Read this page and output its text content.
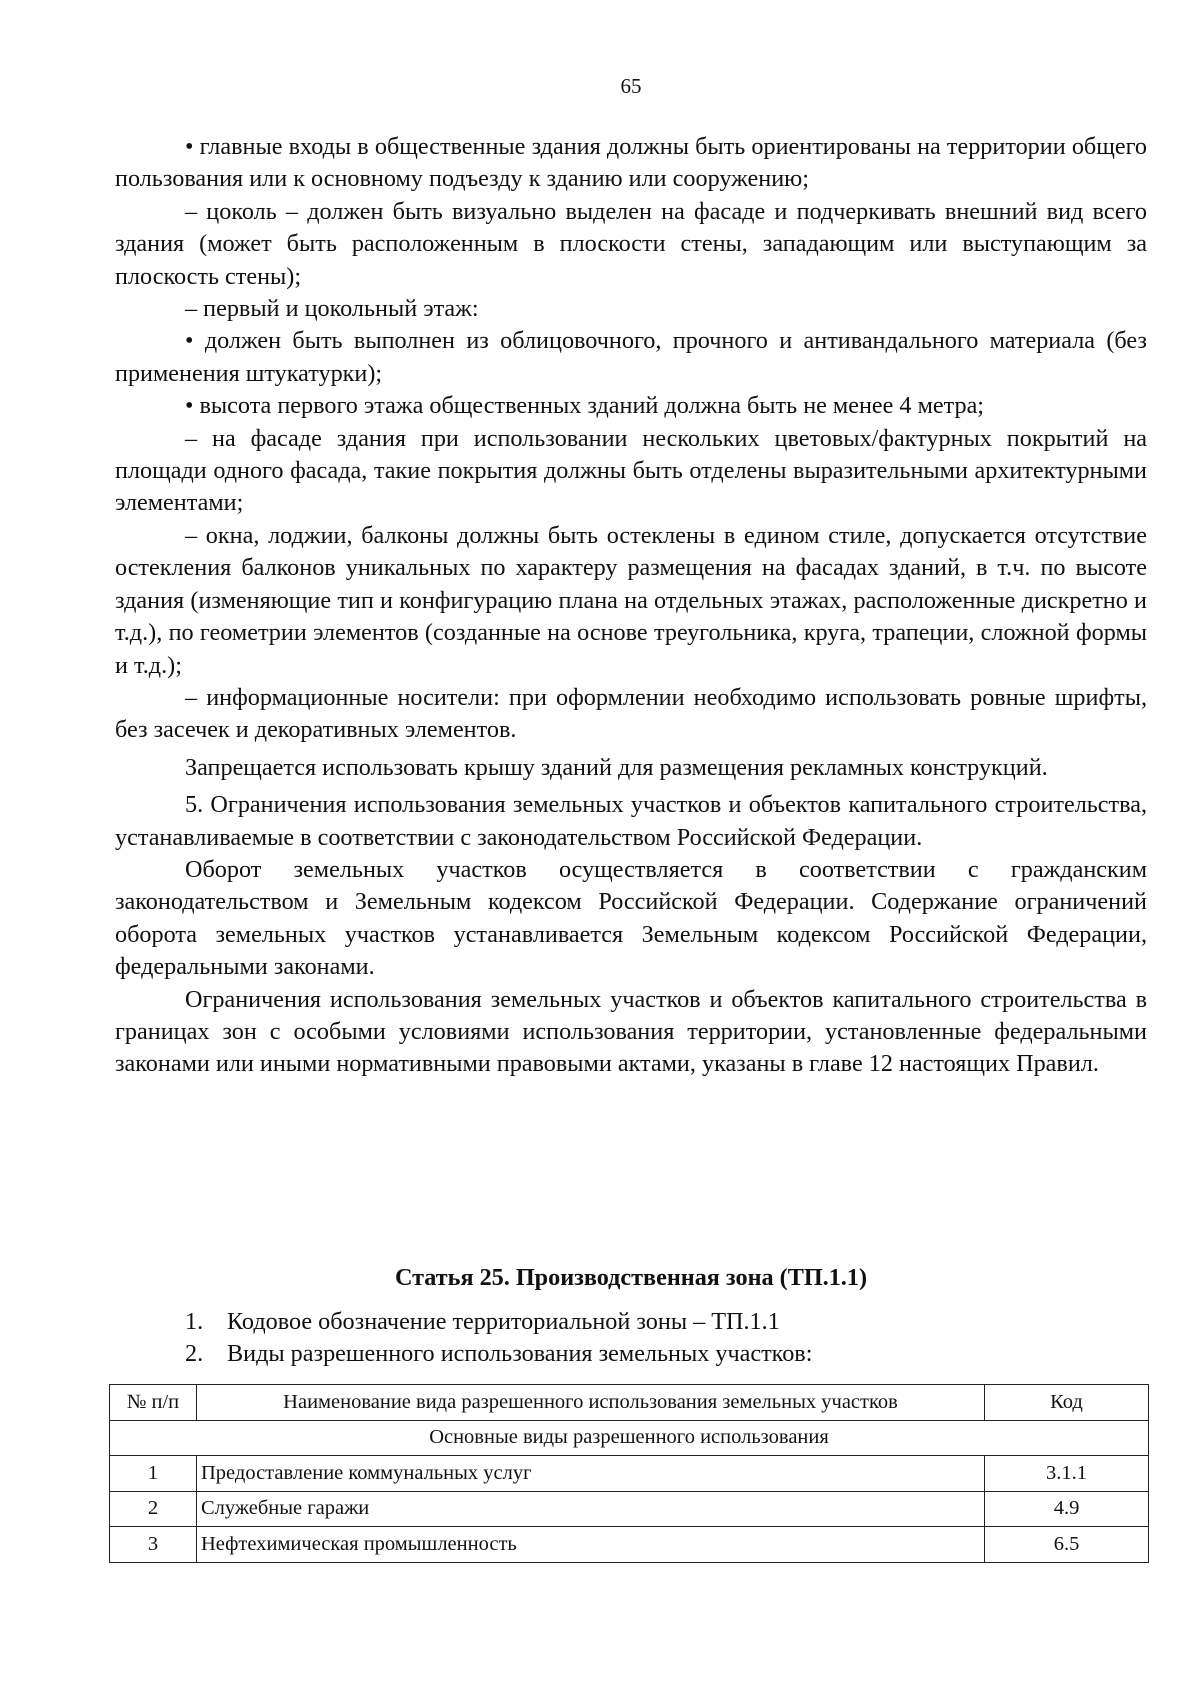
65

• главные входы в общественные здания должны быть ориентированы на территории общего пользования или к основному подъезду к зданию или сооружению;

– цоколь – должен быть визуально выделен на фасаде и подчеркивать внешний вид всего здания (может быть расположенным в плоскости стены, западающим или выступающим за плоскость стены);

– первый и цокольный этаж:

• должен быть выполнен из облицовочного, прочного и антивандального материала (без применения штукатурки);

• высота первого этажа общественных зданий должна быть не менее 4 метра;

– на фасаде здания при использовании нескольких цветовых/фактурных покрытий на площади одного фасада, такие покрытия должны быть отделены выразительными архитектурными элементами;

– окна, лоджии, балконы должны быть остеклены в едином стиле, допускается отсутствие остекления балконов уникальных по характеру размещения на фасадах зданий, в т.ч. по высоте здания (изменяющие тип и конфигурацию плана на отдельных этажах, расположенные дискретно и т.д.), по геометрии элементов (созданные на основе треугольника, круга, трапеции, сложной формы и т.д.);

– информационные носители: при оформлении необходимо использовать ровные шрифты, без засечек и декоративных элементов.

Запрещается использовать крышу зданий для размещения рекламных конструкций.

5. Ограничения использования земельных участков и объектов капитального строительства, устанавливаемые в соответствии с законодательством Российской Федерации.

Оборот земельных участков осуществляется в соответствии с гражданским законодательством и Земельным кодексом Российской Федерации. Содержание ограничений оборота земельных участков устанавливается Земельным кодексом Российской Федерации, федеральными законами.

Ограничения использования земельных участков и объектов капитального строительства в границах зон с особыми условиями использования территории, установленные федеральными законами или иными нормативными правовыми актами, указаны в главе 12 настоящих Правил.

Статья 25. Производственная зона (ТП.1.1)
1. Кодовое обозначение территориальной зоны – ТП.1.1
2. Виды разрешенного использования земельных участков:
№ п/п	Наименование вида разрешенного использования земельных участков	Код
Основные виды разрешенного использования		
1	Предоставление коммунальных услуг	3.1.1
2	Служебные гаражи	4.9
3	Нефтехимическая промышленность	6.5
